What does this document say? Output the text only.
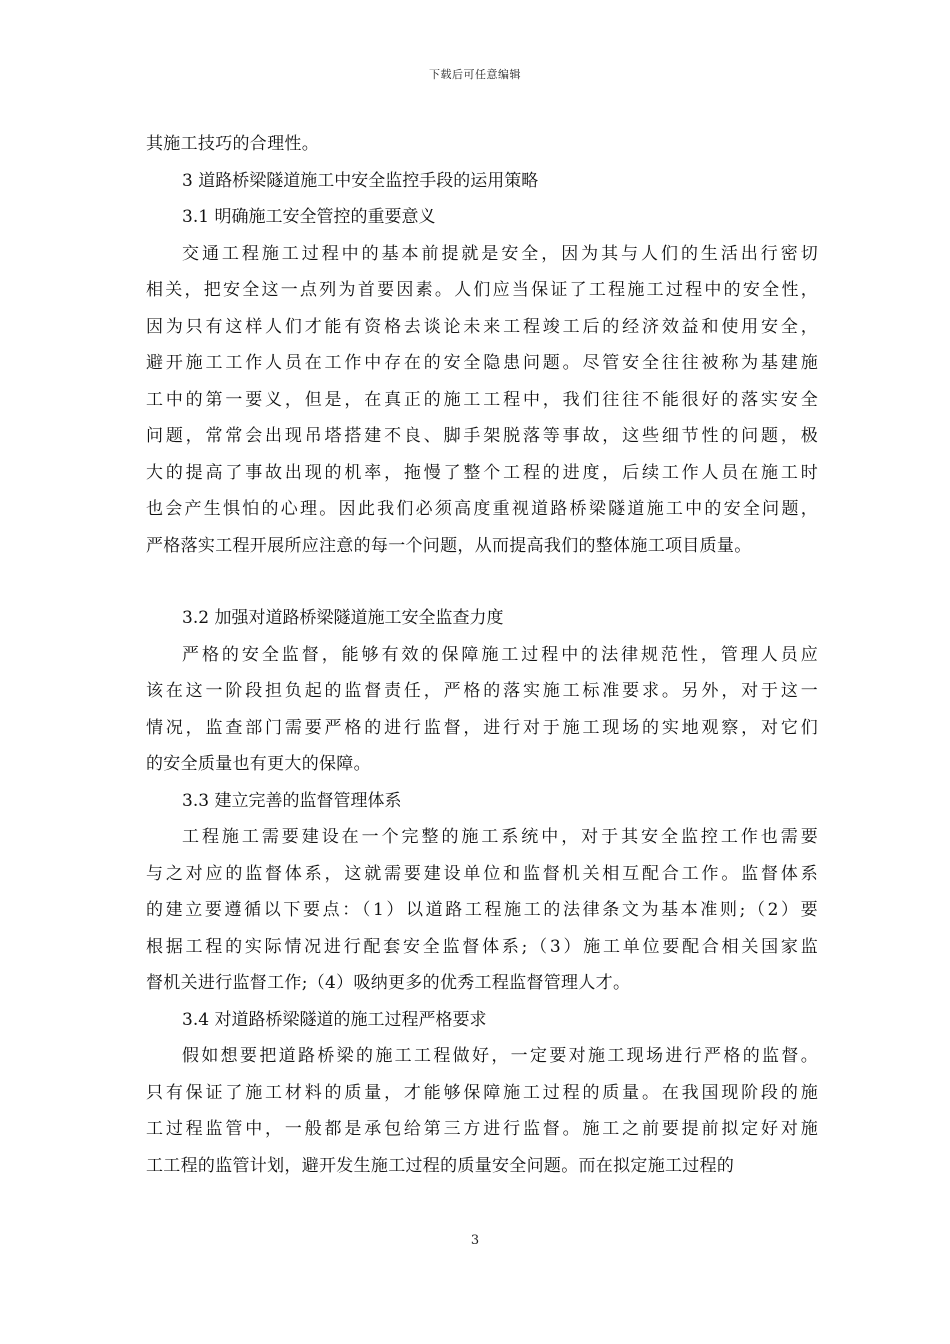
下载后可任意编辑
其施工技巧的合理性。
3 道路桥梁隧道施工中安全监控手段的运用策略
3.1 明确施工安全管控的重要意义
交通工程施工过程中的基本前提就是安全，因为其与人们的生活出行密切
相关，把安全这一点列为首要因素。人们应当保证了工程施工过程中的安全性，
因为只有这样人们才能有资格去谈论未来工程竣工后的经济效益和使用安全，
避开施工工作人员在工作中存在的安全隐患问题。尽管安全往往被称为基建施
工中的第一要义，但是，在真正的施工工程中，我们往往不能很好的落实安全
问题，常常会出现吊塔搭建不良、脚手架脱落等事故，这些细节性的问题，极
大的提高了事故出现的机率，拖慢了整个工程的进度，后续工作人员在施工时
也会产生惧怕的心理。因此我们必须高度重视道路桥梁隧道施工中的安全问题，
严格落实工程开展所应注意的每一个问题，从而提高我们的整体施工项目质量。
3.2 加强对道路桥梁隧道施工安全监查力度
严格的安全监督，能够有效的保障施工过程中的法律规范性，管理人员应
该在这一阶段担负起的监督责任，严格的落实施工标准要求。另外，对于这一
情况，监查部门需要严格的进行监督，进行对于施工现场的实地观察，对它们
的安全质量也有更大的保障。
3.3 建立完善的监督管理体系
工程施工需要建设在一个完整的施工系统中，对于其安全监控工作也需要
与之对应的监督体系，这就需要建设单位和监督机关相互配合工作。监督体系
的建立要遵循以下要点：（1）以道路工程施工的法律条文为基本准则;（2）要
根据工程的实际情况进行配套安全监督体系;（3）施工单位要配合相关国家监
督机关进行监督工作;（4）吸纳更多的优秀工程监督管理人才。
3.4 对道路桥梁隧道的施工过程严格要求
假如想要把道路桥梁的施工工程做好，一定要对施工现场进行严格的监督。
只有保证了施工材料的质量，才能够保障施工过程的质量。在我国现阶段的施
工过程监管中，一般都是承包给第三方进行监督。施工之前要提前拟定好对施
工工程的监管计划，避开发生施工过程的质量安全问题。而在拟定施工过程的
3
